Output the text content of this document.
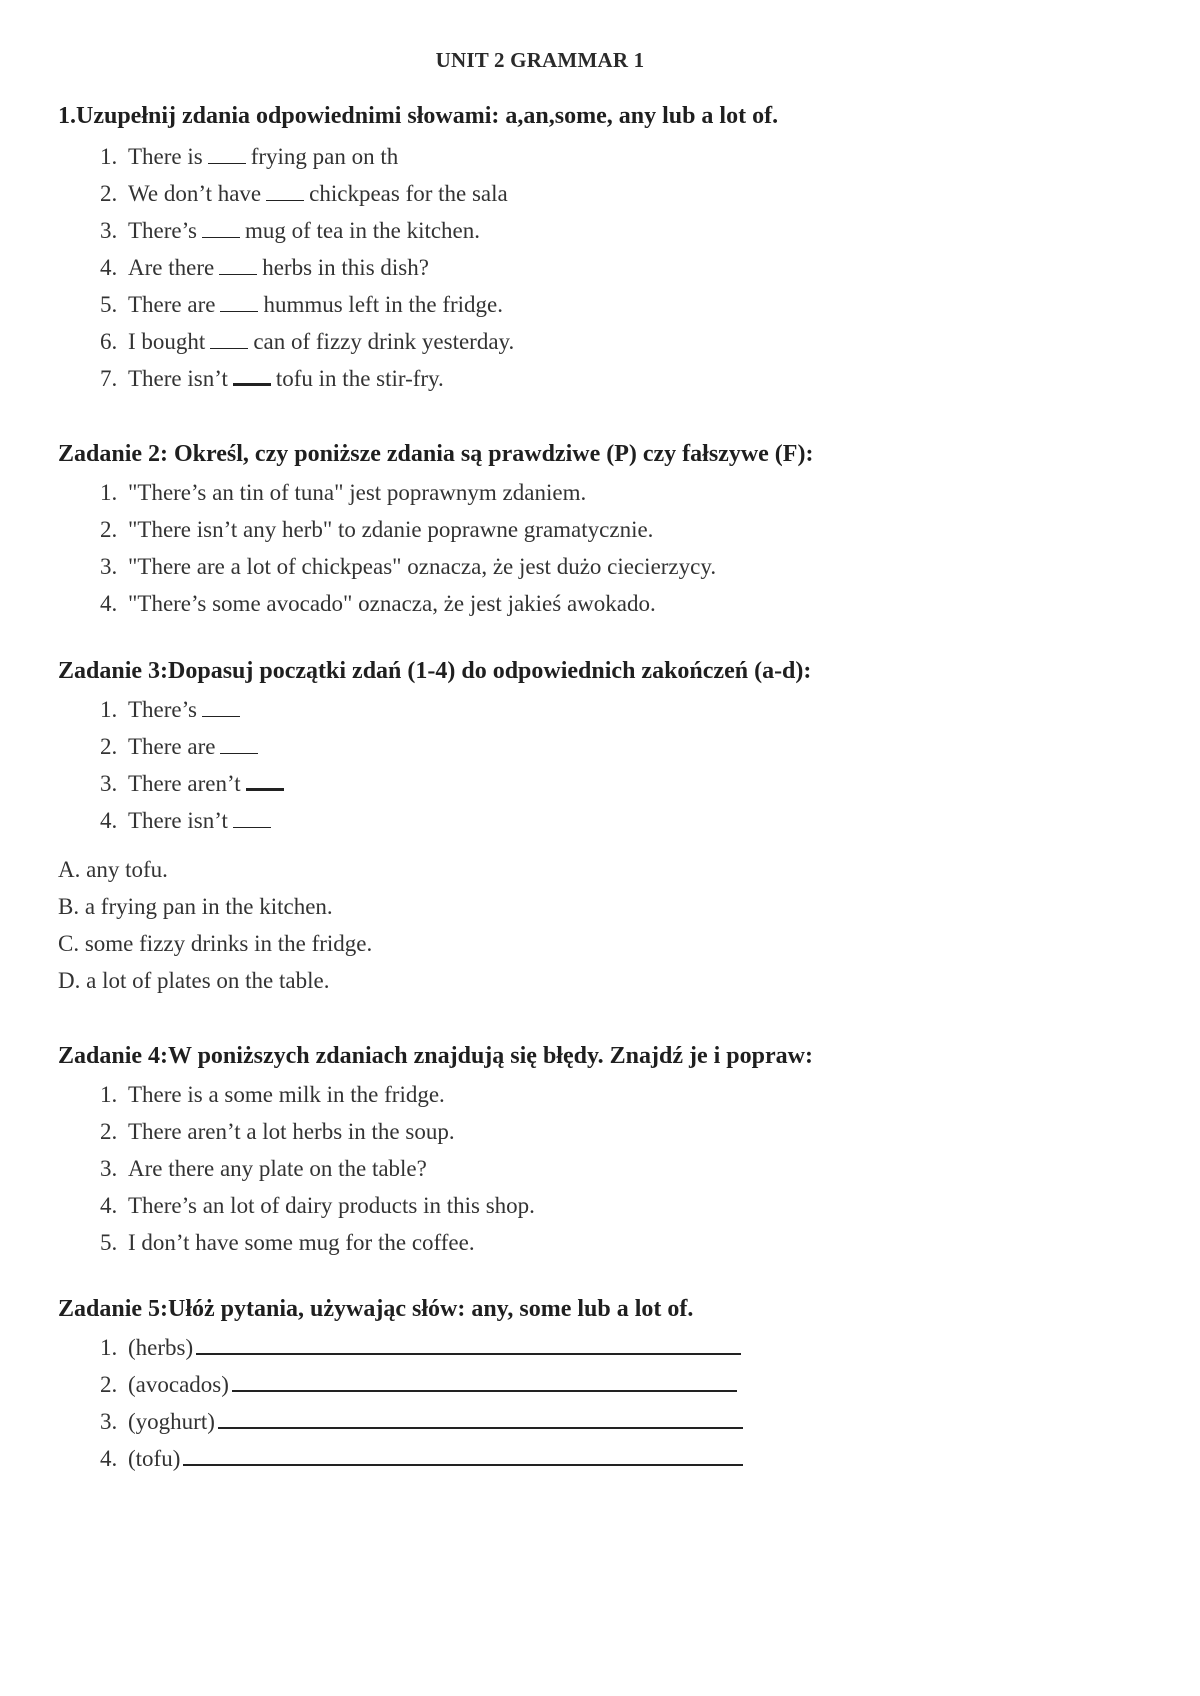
UNIT 2 GRAMMAR 1
1.Uzupełnij zdania odpowiednimi słowami: a,an,some, any lub a lot of.
1. There is frying pan on th
2. We don’t have chickpeas for the sala
3. There’s mug of tea in the kitchen.
4. Are there herbs in this dish?
5. There are hummus left in the fridge.
6. I bought can of fizzy drink yesterday.
7. There isn’t tofu in the stir-fry.
Zadanie 2: Określ, czy poniższe zdania są prawdziwe (P) czy fałszywe (F):
1. "There’s an tin of tuna" jest poprawnym zdaniem.
2. "There isn’t any herb" to zdanie poprawne gramatycznie.
3. "There are a lot of chickpeas" oznacza, że jest dużo ciecierzycy.
4. "There’s some avocado" oznacza, że jest jakieś awokado.
Zadanie 3:Dopasuj początki zdań (1-4) do odpowiednich zakończeń (a-d):
1. There’s
2. There are
3. There aren’t
4. There isn’t
A. any tofu.
B. a frying pan in the kitchen.
C. some fizzy drinks in the fridge.
D. a lot of plates on the table.
Zadanie 4:W poniższych zdaniach znajdują się błędy. Znajdź je i popraw:
1. There is a some milk in the fridge.
2. There aren’t a lot herbs in the soup.
3. Are there any plate on the table?
4. There’s an lot of dairy products in this shop.
5. I don’t have some mug for the coffee.
Zadanie 5:Ułóż pytania, używając słów: any, some lub a lot of.
1. (herbs)
2. (avocados)
3. (yoghurt)
4. (tofu)
